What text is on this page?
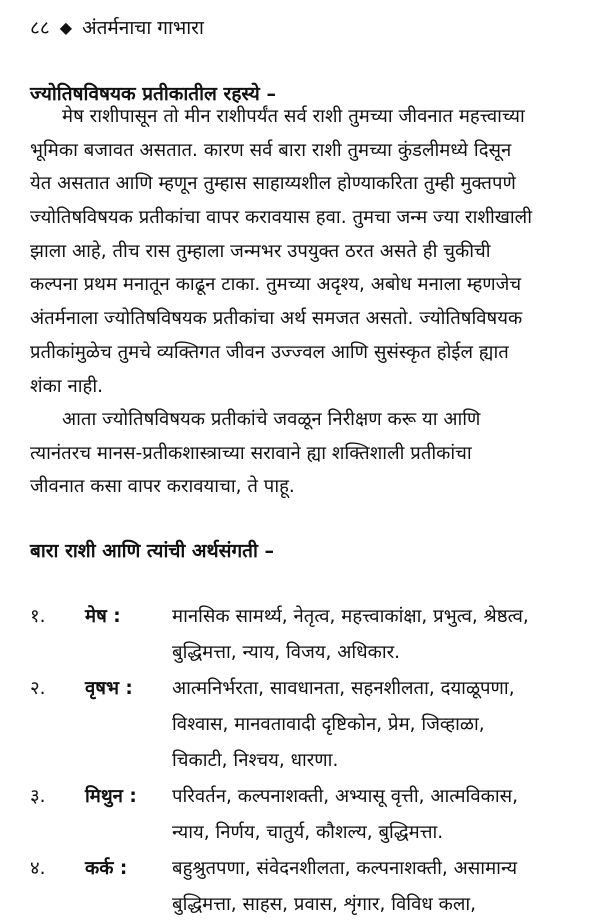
८८ ◆ अंतर्मनाचा गाभारा
ज्योतिषविषयक प्रतीकातील रहस्ये –
मेष राशीपासून तो मीन राशीपर्यंत सर्व राशी तुमच्या जीवनात महत्त्वाच्या
भूमिका बजावत असतात. कारण सर्व बारा राशी तुमच्या कुंडलीमध्ये दिसून
येत असतात आणि म्हणून तुम्हास साहाय्यशील होण्याकरिता तुम्ही मुक्तपणे
ज्योतिषविषयक प्रतीकांचा वापर करावयास हवा. तुमचा जन्म ज्या राशीखाली
झाला आहे, तीच रास तुम्हाला जन्मभर उपयुक्त ठरत असते ही चुकीची
कल्पना प्रथम मनातून काढून टाका. तुमच्या अदृश्य, अबोध मनाला म्हणजेच
अंतर्मनाला ज्योतिषविषयक प्रतीकांचा अर्थ समजत असतो. ज्योतिषविषयक
प्रतीकांमुळेच तुमचे व्यक्तिगत जीवन उज्ज्वल आणि सुसंस्कृत होईल ह्यात
शंका नाही.
आता ज्योतिषविषयक प्रतीकांचे जवळून निरीक्षण करू या आणि
त्यानंतरच मानस-प्रतीकशास्त्राच्या सरावाने ह्या शक्तिशाली प्रतीकांचा
जीवनात कसा वापर करावयाचा, ते पाहू.
बारा राशी आणि त्यांची अर्थसंगती –
१.	मेष :	मानसिक सामर्थ्य, नेतृत्व, महत्त्वाकांक्षा, प्रभुत्व, श्रेष्ठत्व,
बुद्धिमत्ता, न्याय, विजय, अधिकार.
२.	वृषभ :	आत्मनिर्भरता, सावधानता, सहनशीलता, दयाळूपणा,
विश्वास, मानवतावादी दृष्टिकोन, प्रेम, जिव्हाळा,
चिकाटी, निश्चय, धारणा.
३.	मिथुन :	परिवर्तन, कल्पनाशक्ती, अभ्यासू वृत्ती, आत्मविकास,
न्याय, निर्णय, चातुर्य, कौशल्य, बुद्धिमत्ता.
४.	कर्क :	बहुश्रुतपणा, संवेदनशीलता, कल्पनाशक्ती, असामान्य
बुद्धिमत्ता, साहस, प्रवास, शृंगार, विविध कला,
